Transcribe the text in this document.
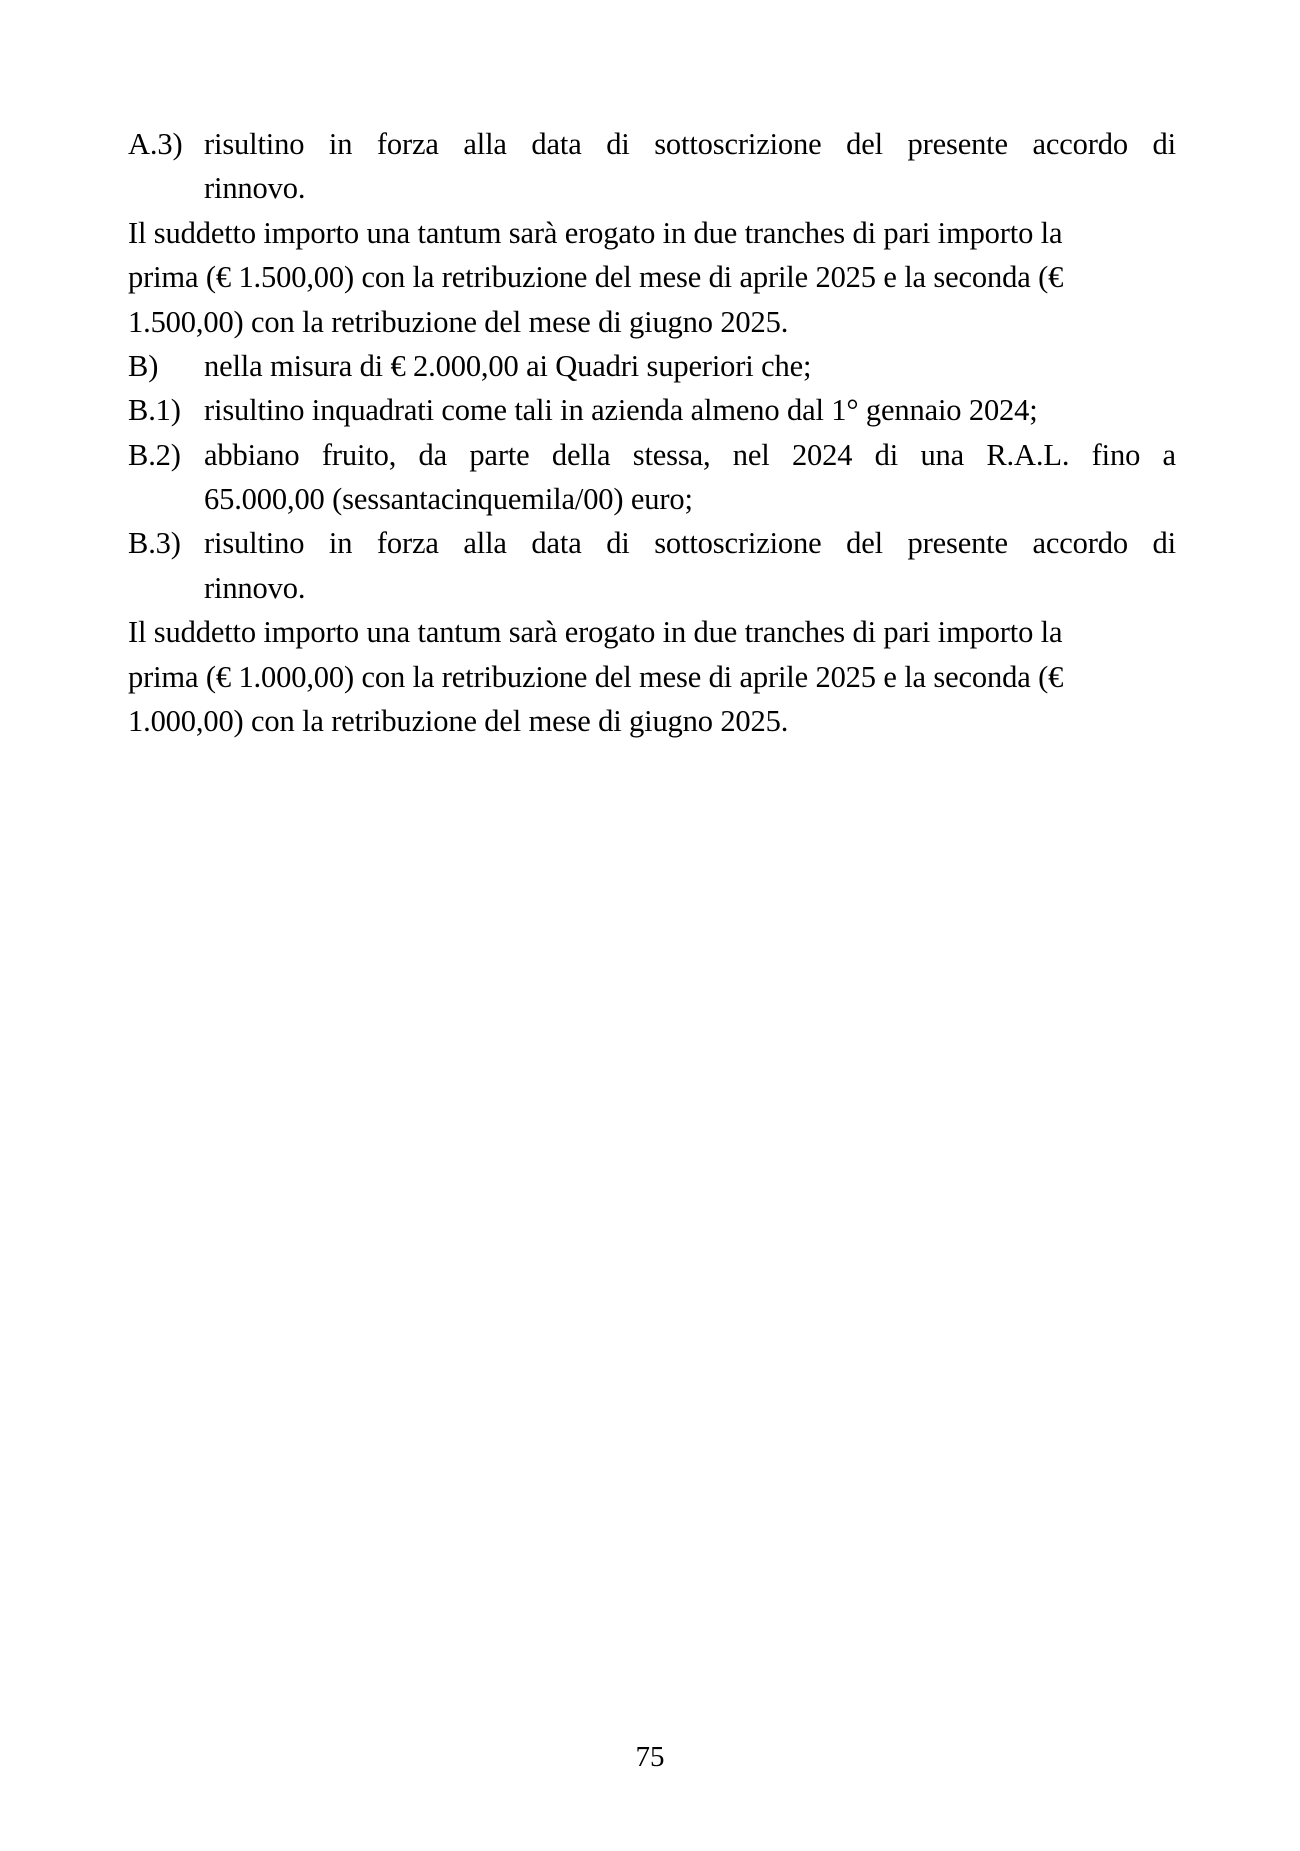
A.3) risultino in forza alla data di sottoscrizione del presente accordo di
rinnovo.
Il suddetto importo una tantum sarà erogato in due tranches di pari importo la
prima (€ 1.500,00) con la retribuzione del mese di aprile 2025 e la seconda (€
1.500,00) con la retribuzione del mese di giugno 2025.
B)	nella misura di € 2.000,00 ai Quadri superiori che;
B.1) risultino inquadrati come tali in azienda almeno dal 1° gennaio 2024;
B.2) abbiano fruito, da parte della stessa, nel 2024 di una R.A.L. fino a
65.000,00 (sessantacinquemila/00) euro;
B.3) risultino in forza alla data di sottoscrizione del presente accordo di
rinnovo.
Il suddetto importo una tantum sarà erogato in due tranches di pari importo la
prima (€ 1.000,00) con la retribuzione del mese di aprile 2025 e la seconda (€
1.000,00) con la retribuzione del mese di giugno 2025.
75
